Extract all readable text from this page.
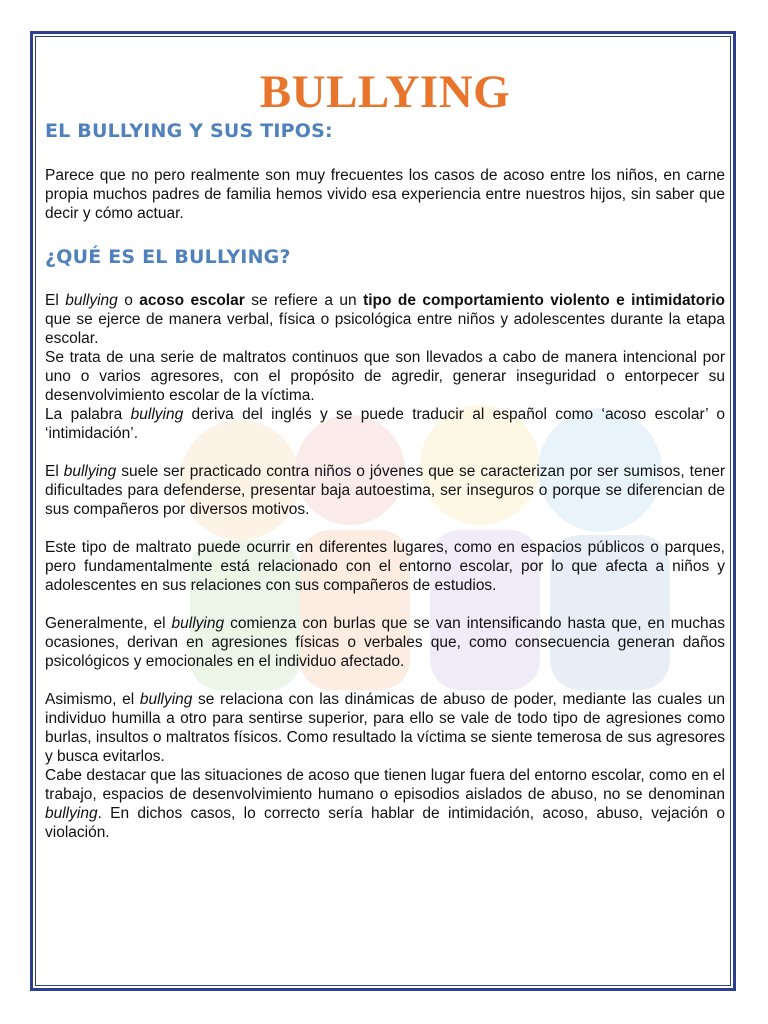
BULLYING
EL BULLYING Y SUS TIPOS:

Parece que no pero realmente son muy frecuentes los casos de acoso entre los niños, en carne propia muchos padres de familia hemos vivido esa experiencia entre nuestros hijos, sin saber que decir y cómo actuar.

¿QUÉ ES EL BULLYING?

El bullying o acoso escolar se refiere a un tipo de comportamiento violento e intimidatorio que se ejerce de manera verbal, física o psicológica entre niños y adolescentes durante la etapa escolar.

Se trata de una serie de maltratos continuos que son llevados a cabo de manera intencional por uno o varios agresores, con el propósito de agredir, generar inseguridad o entorpecer su desenvolvimiento escolar de la víctima.

La palabra bullying deriva del inglés y se puede traducir al español como ‘acoso escolar’ o ‘intimidación’.

El bullying suele ser practicado contra niños o jóvenes que se caracterizan por ser sumisos, tener dificultades para defenderse, presentar baja autoestima, ser inseguros o porque se diferencian de sus compañeros por diversos motivos.

Este tipo de maltrato puede ocurrir en diferentes lugares, como en espacios públicos o parques, pero fundamentalmente está relacionado con el entorno escolar, por lo que afecta a niños y adolescentes en sus relaciones con sus compañeros de estudios.

Generalmente, el bullying comienza con burlas que se van intensificando hasta que, en muchas ocasiones, derivan en agresiones físicas o verbales que, como consecuencia generan daños psicológicos y emocionales en el individuo afectado.

Asimismo, el bullying se relaciona con las dinámicas de abuso de poder, mediante las cuales un individuo humilla a otro para sentirse superior, para ello se vale de todo tipo de agresiones como burlas, insultos o maltratos físicos. Como resultado la víctima se siente temerosa de sus agresores y busca evitarlos.

Cabe destacar que las situaciones de acoso que tienen lugar fuera del entorno escolar, como en el trabajo, espacios de desenvolvimiento humano o episodios aislados de abuso, no se denominan bullying. En dichos casos, lo correcto sería hablar de intimidación, acoso, abuso, vejación o violación.
